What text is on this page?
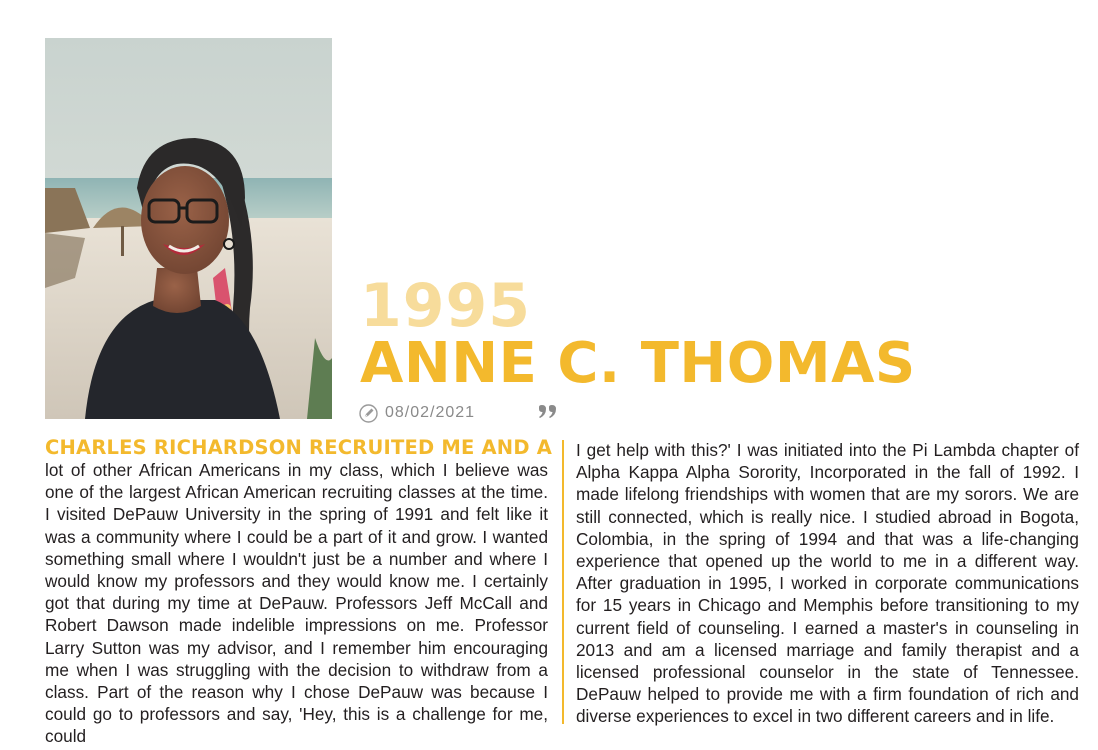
1995
ANNE C. THOMAS
08/02/2021
CHARLES RICHARDSON RECRUITED ME AND A
lot of other African Americans in my class, which I believe was one of the largest African American recruiting classes at the time. I visited DePauw University in the spring of 1991 and felt like it was a community where I could be a part of it and grow. I wanted something small where I wouldn't just be a number and where I would know my professors and they would know me. I certainly got that during my time at DePauw. Professors Jeff McCall and Robert Dawson made indelible impressions on me. Professor Larry Sutton was my advisor, and I remember him encouraging me when I was struggling with the decision to withdraw from a class. Part of the reason why I chose DePauw was because I could go to professors and say, 'Hey, this is a challenge for me, could
I get help with this?' I was initiated into the Pi Lambda chapter of Alpha Kappa Alpha Sorority, Incorporated in the fall of 1992. I made lifelong friendships with women that are my sorors. We are still connected, which is really nice. I studied abroad in Bogota, Colombia, in the spring of 1994 and that was a life-changing experience that opened up the world to me in a different way. After graduation in 1995, I worked in corporate communications for 15 years in Chicago and Memphis before transitioning to my current field of counseling. I earned a master's in counseling in 2013 and am a licensed marriage and family therapist and a licensed professional counselor in the state of Tennessee. DePauw helped to provide me with a firm foundation of rich and diverse experiences to excel in two different careers and in life.
